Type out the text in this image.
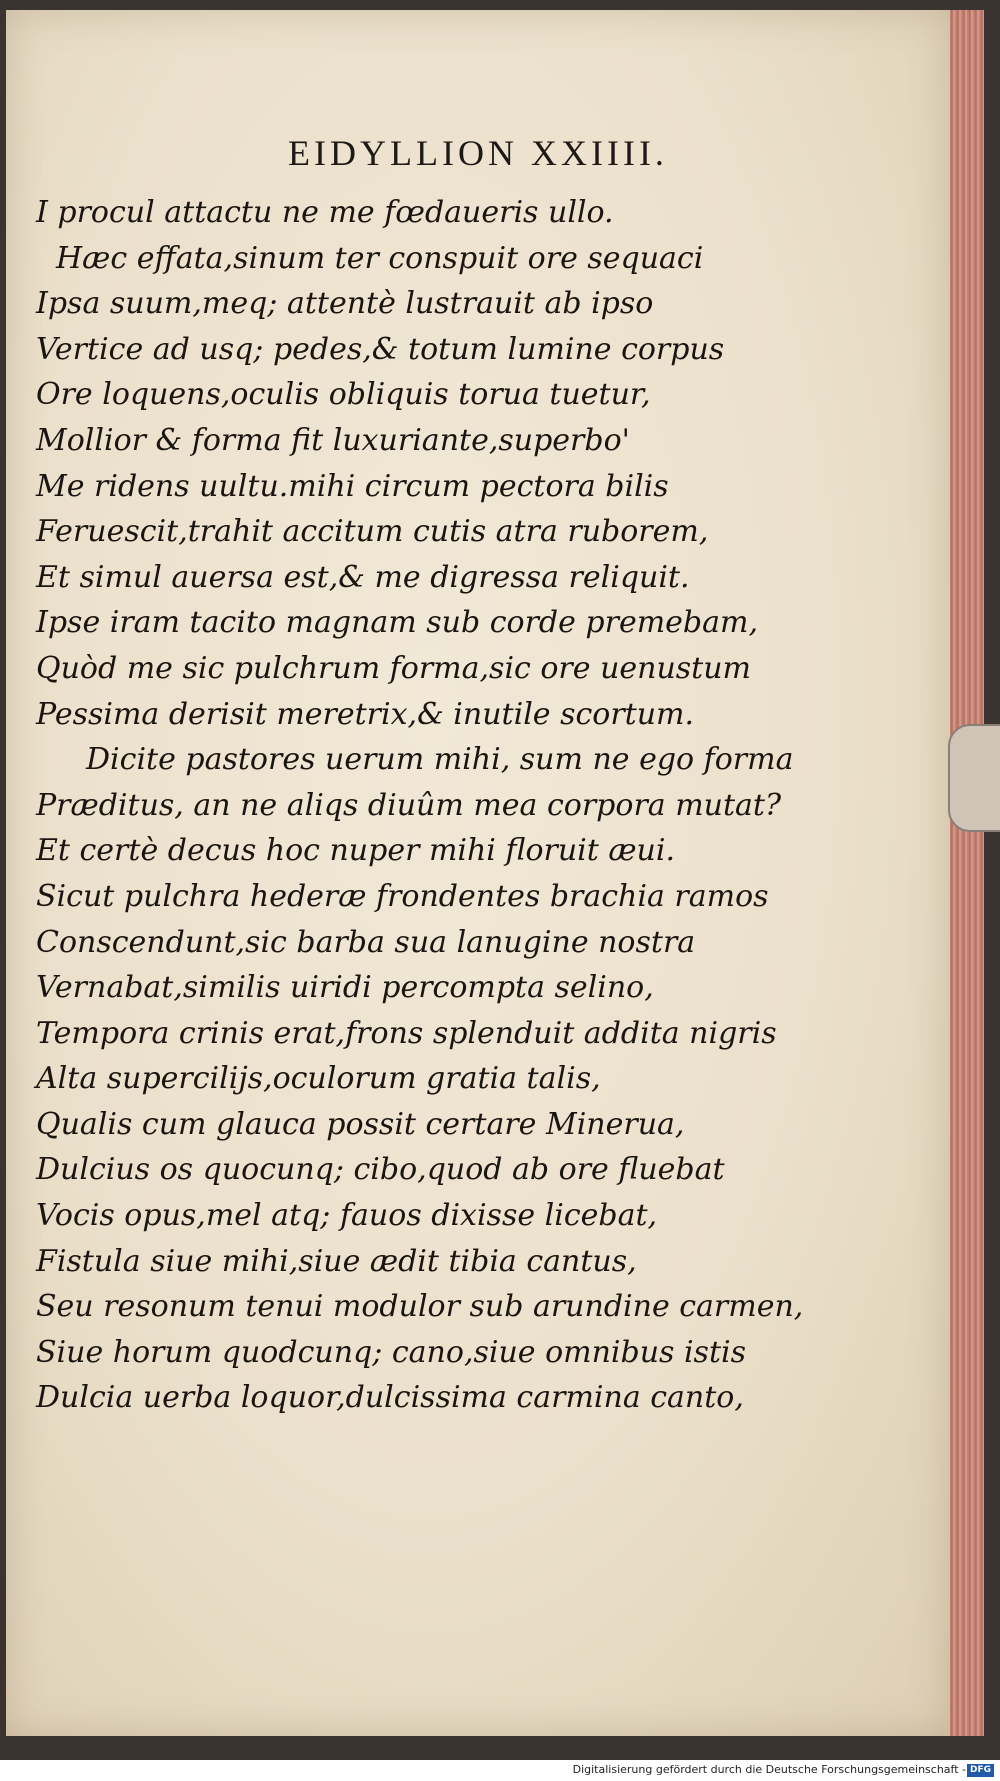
EIDYLLION XXIIII.
I procul attactu ne me fœdaueris ullo.
Hæc effata,sinum ter conspuit ore sequaci
Ipsa suum,meq; attentè lustrauit ab ipso
Vertice ad usq; pedes,& totum lumine corpus
Ore loquens,oculis obliquis torua tuetur,
Mollior & forma fit luxuriante,superbo'
Me ridens uultu.mihi circum pectora bilis
Feruescit,trahit accitum cutis atra ruborem,
Et simul auersa est,& me digressa reliquit.
Ipse iram tacito magnam sub corde premebam,
Quòd me sic pulchrum forma,sic ore uenustum
Pessima derisit meretrix,& inutile scortum.
Dicite pastores uerum mihi, sum ne ego forma
Præditus, an ne aliqs diuûm mea corpora mutat?
Et certè decus hoc nuper mihi floruit æui.
Sicut pulchra hederæ frondentes brachia ramos
Conscendunt,sic barba sua lanugine nostra
Vernabat,similis uiridi percompta selino,
Tempora crinis erat,frons splenduit addita nigris
Alta supercilijs,oculorum gratia talis,
Qualis cum glauca possit certare Minerua,
Dulcius os quocunq; cibo,quod ab ore fluebat
Vocis opus,mel atq; fauos dixisse licebat,
Fistula siue mihi,siue ædit tibia cantus,
Seu resonum tenui modulor sub arundine carmen,
Siue horum quodcunq; cano,siue omnibus istis
Dulcia uerba loquor,dulcissima carmina canto,
Digitalisierung gefördert durch die Deutsche Forschungsgemeinschaft - DFG
